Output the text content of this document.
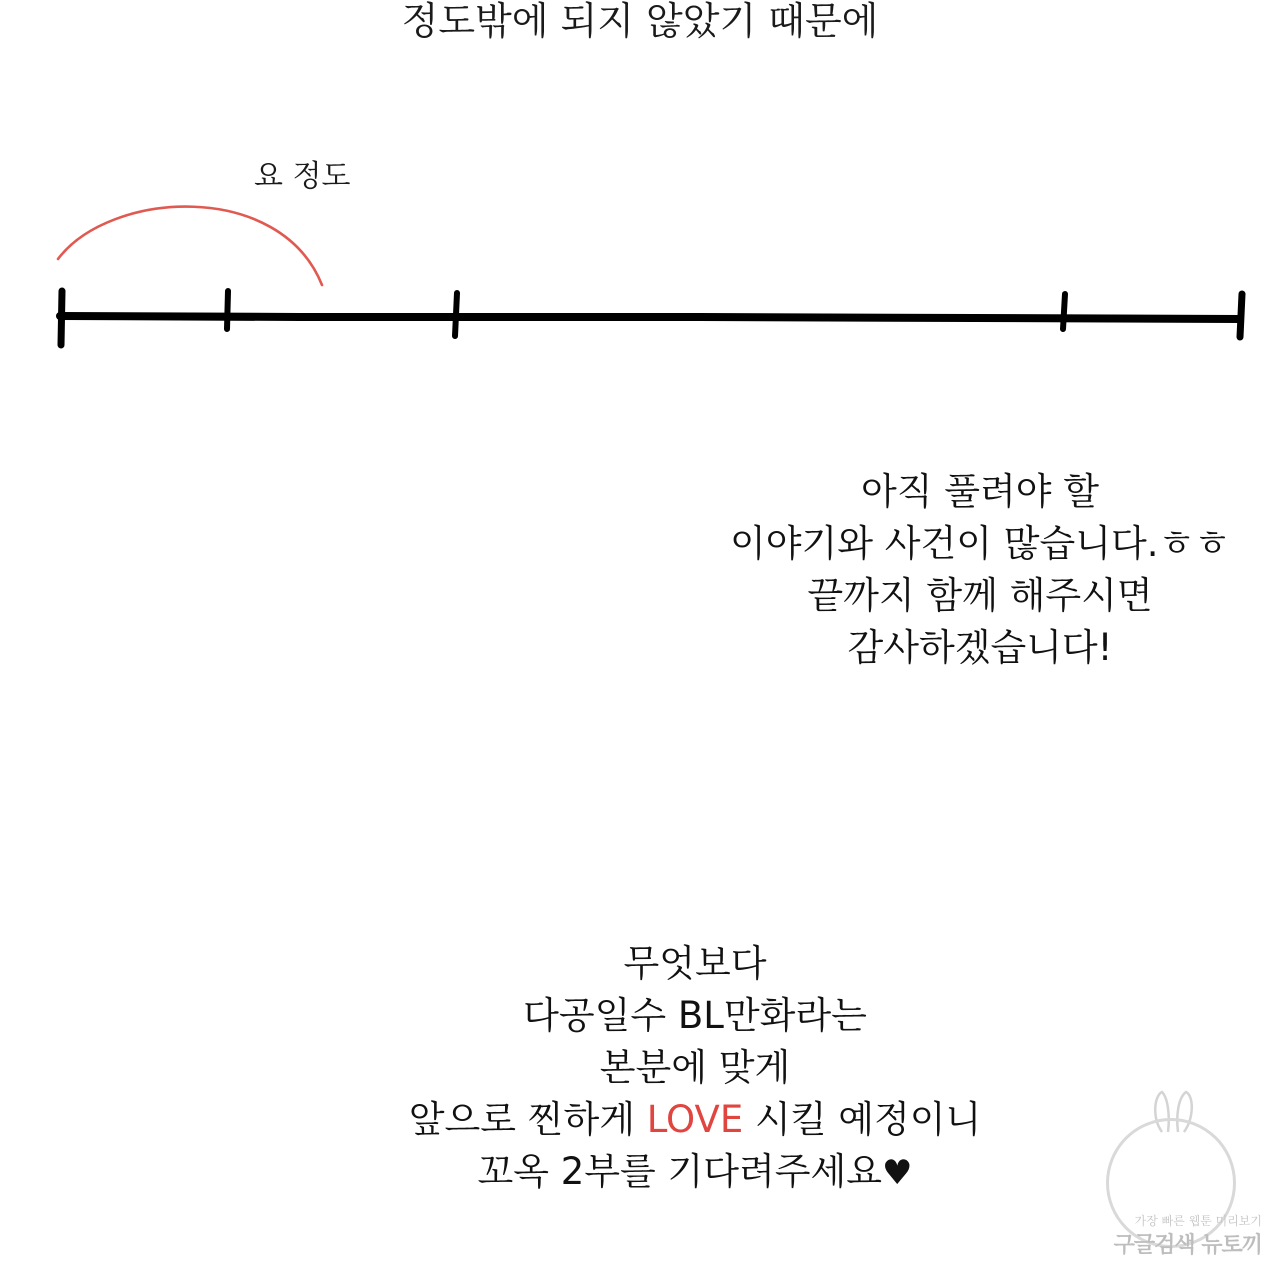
정도밖에 되지 않았기 때문에
요 정도
아직 풀려야 할
이야기와 사건이 많습니다.ㅎㅎ
끝까지 함께 해주시면
감사하겠습니다!
무엇보다
다공일수 BL만화라는
본분에 맞게
앞으로 찐하게 LOVE 시킬 예정이니
꼬옥 2부를 기다려주세요♥
가장 빠른 웹툰 미리보기
구글검색 뉴토끼
